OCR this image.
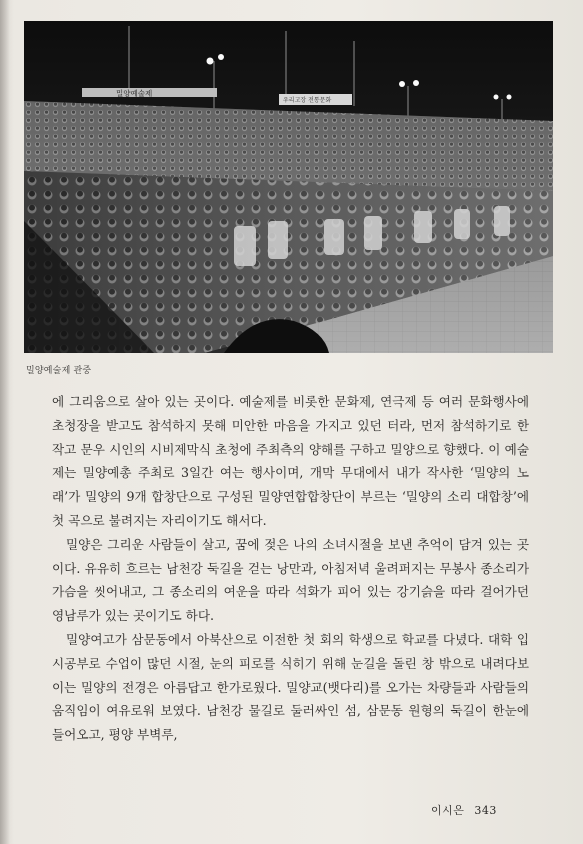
밀양예술제
우리고장 전통문화
밀양예술제 관중

에 그리움으로 살아 있는 곳이다. 예술제를 비롯한 문화제, 연극제 등 여러 문화행사에 초청장을 받고도 참석하지 못해 미안한 마음을 가지고 있던 터라, 먼저 참석하기로 한 작고 문우 시인의 시비제막식 초청에 주최측의 양해를 구하고 밀양으로 향했다. 이 예술제는 밀양예총 주최로 3일간 여는 행사이며, 개막 무대에서 내가 작사한 ‘밀양의 노래’가 밀양의 9개 합창단으로 구성된 밀양연합합창단이 부르는 ‘밀양의 소리 대합창’에 첫 곡으로 불려지는 자리이기도 해서다.

밀양은 그리운 사람들이 살고, 꿈에 젖은 나의 소녀시절을 보낸 추억이 담겨 있는 곳이다. 유유히 흐르는 남천강 둑길을 걷는 낭만과, 아침저녁 울려퍼지는 무봉사 종소리가 가슴을 씻어내고, 그 종소리의 여운을 따라 석화가 피어 있는 강기슭을 따라 걸어가던 영남루가 있는 곳이기도 하다.

밀양여고가 삼문동에서 아북산으로 이전한 첫 회의 학생으로 학교를 다녔다. 대학 입시공부로 수업이 많던 시절, 눈의 피로를 식히기 위해 눈길을 돌린 창 밖으로 내려다보이는 밀양의 전경은 아름답고 한가로웠다. 밀양교(뱃다리)를 오가는 차량들과 사람들의 움직임이 여유로워 보였다. 남천강 물길로 둘러싸인 섬, 삼문동 원형의 둑길이 한눈에 들어오고, 평양 부벽루,

이시은 343
